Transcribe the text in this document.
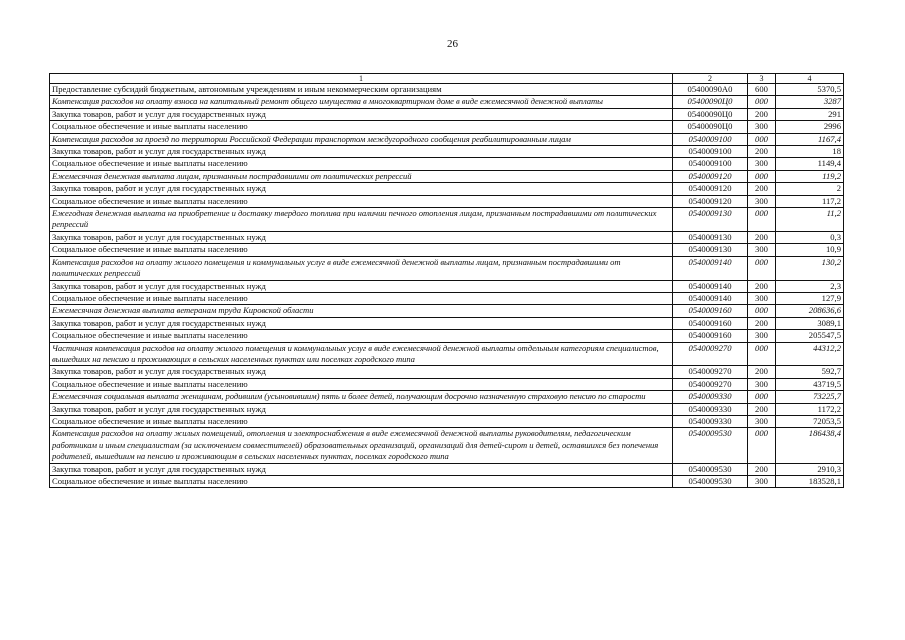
26
1	2	3	4
Предоставление субсидий бюджетным, автономным учреждениям и иным некоммерческим организациям	05400090А0	600	5370,5
Компенсация расходов на оплату взноса на капитальный ремонт общего имущества в многоквартирном доме в виде ежемесячной денежной выплаты	05400090Ц0	000	3287
Закупка товаров, работ и услуг для государственных нужд	05400090Ц0	200	291
Социальное обеспечение и иные выплаты населению	05400090Ц0	300	2996
Компенсация расходов за проезд по территории Российской Федерации транспортом междугородного сообщения реабилитированным лицам	0540009100	000	1167,4
Закупка товаров, работ и услуг для государственных нужд	0540009100	200	18
Социальное обеспечение и иные выплаты населению	0540009100	300	1149,4
Ежемесячная денежная выплата лицам, признанным пострадавшими от политических репрессий	0540009120	000	119,2
Закупка товаров, работ и услуг для государственных нужд	0540009120	200	2
Социальное обеспечение и иные выплаты населению	0540009120	300	117,2
Ежегодная денежная выплата на приобретение и доставку твердого топлива при наличии печного отопления лицам, признанным пострадавшими от политических репрессий	0540009130	000	11,2
Закупка товаров, работ и услуг для государственных нужд	0540009130	200	0,3
Социальное обеспечение и иные выплаты населению	0540009130	300	10,9
Компенсация расходов на оплату жилого помещения и коммунальных услуг в виде ежемесячной денежной выплаты лицам, признанным пострадавшими от политических репрессий	0540009140	000	130,2
Закупка товаров, работ и услуг для государственных нужд	0540009140	200	2,3
Социальное обеспечение и иные выплаты населению	0540009140	300	127,9
Ежемесячная денежная выплата ветеранам труда Кировской области	0540009160	000	208636,6
Закупка товаров, работ и услуг для государственных нужд	0540009160	200	3089,1
Социальное обеспечение и иные выплаты населению	0540009160	300	205547,5
Частичная компенсация расходов на оплату жилого помещения и коммунальных услуг в виде ежемесячной денежной выплаты отдельным категориям специалистов, вышедших на пенсию и проживающих в сельских населенных пунктах или поселках городского типа	0540009270	000	44312,2
Закупка товаров, работ и услуг для государственных нужд	0540009270	200	592,7
Социальное обеспечение и иные выплаты населению	0540009270	300	43719,5
Ежемесячная социальная выплата женщинам, родившим (усыновившим) пять и более детей, получающим досрочно назначенную страховую пенсию по старости	0540009330	000	73225,7
Закупка товаров, работ и услуг для государственных нужд	0540009330	200	1172,2
Социальное обеспечение и иные выплаты населению	0540009330	300	72053,5
Компенсация расходов на оплату жилых помещений, отопления и электроснабжения в виде ежемесячной денежной выплаты руководителям, педагогическим работникам и иным специалистам (за исключением совместителей) образовательных организаций, организаций для детей-сирот и детей, оставшихся без попечения родителей, вышедшим на пенсию и проживающим в сельских населенных пунктах, поселках городского типа	0540009530	000	186438,4
Закупка товаров, работ и услуг для государственных нужд	0540009530	200	2910,3
Социальное обеспечение и иные выплаты населению	0540009530	300	183528,1
